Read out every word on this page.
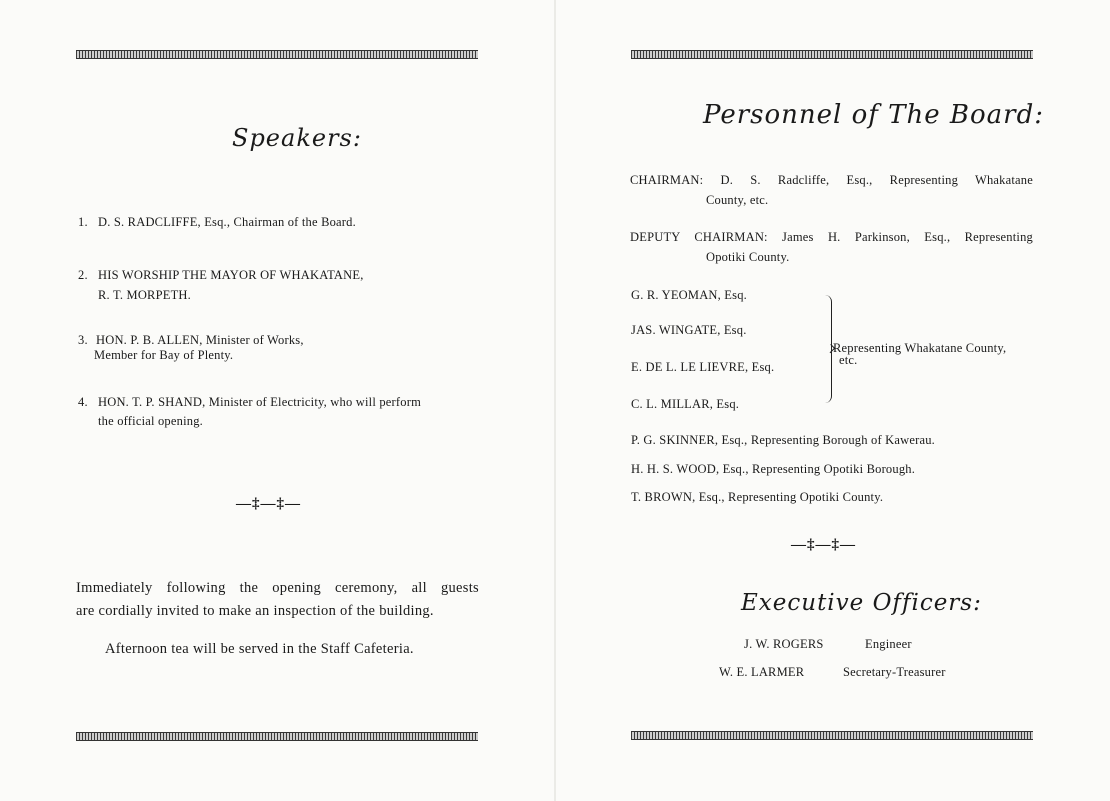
Speakers:
1. D. S. RADCLIFFE, Esq., Chairman of the Board.
2. HIS WORSHIP THE MAYOR OF WHAKATANE,
R. T. MORPETH.
3. HON. P. B. ALLEN, Minister of Works,
Member for Bay of Plenty.
4. HON. T. P. SHAND, Minister of Electricity, who will perform
the official opening.
—‡—‡—
Immediately following the opening ceremony, all guests
are cordially invited to make an inspection of the building.
Afternoon tea will be served in the Staff Cafeteria.
Personnel of The Board:
CHAIRMAN: D. S. Radcliffe, Esq., Representing Whakatane
County, etc.
DEPUTY CHAIRMAN: James H. Parkinson, Esq., Representing
Opotiki County.
G. R. YEOMAN, Esq.
JAS. WINGATE, Esq.
E. DE L. LE LIEVRE, Esq.
C. L. MILLAR, Esq.
Representing Whakatane County,
etc.
P. G. SKINNER, Esq., Representing Borough of Kawerau.
H. H. S. WOOD, Esq., Representing Opotiki Borough.
T. BROWN, Esq., Representing Opotiki County.
—‡—‡—
Executive Officers:
J. W. ROGERS	Engineer
W. E. LARMER	Secretary-Treasurer
